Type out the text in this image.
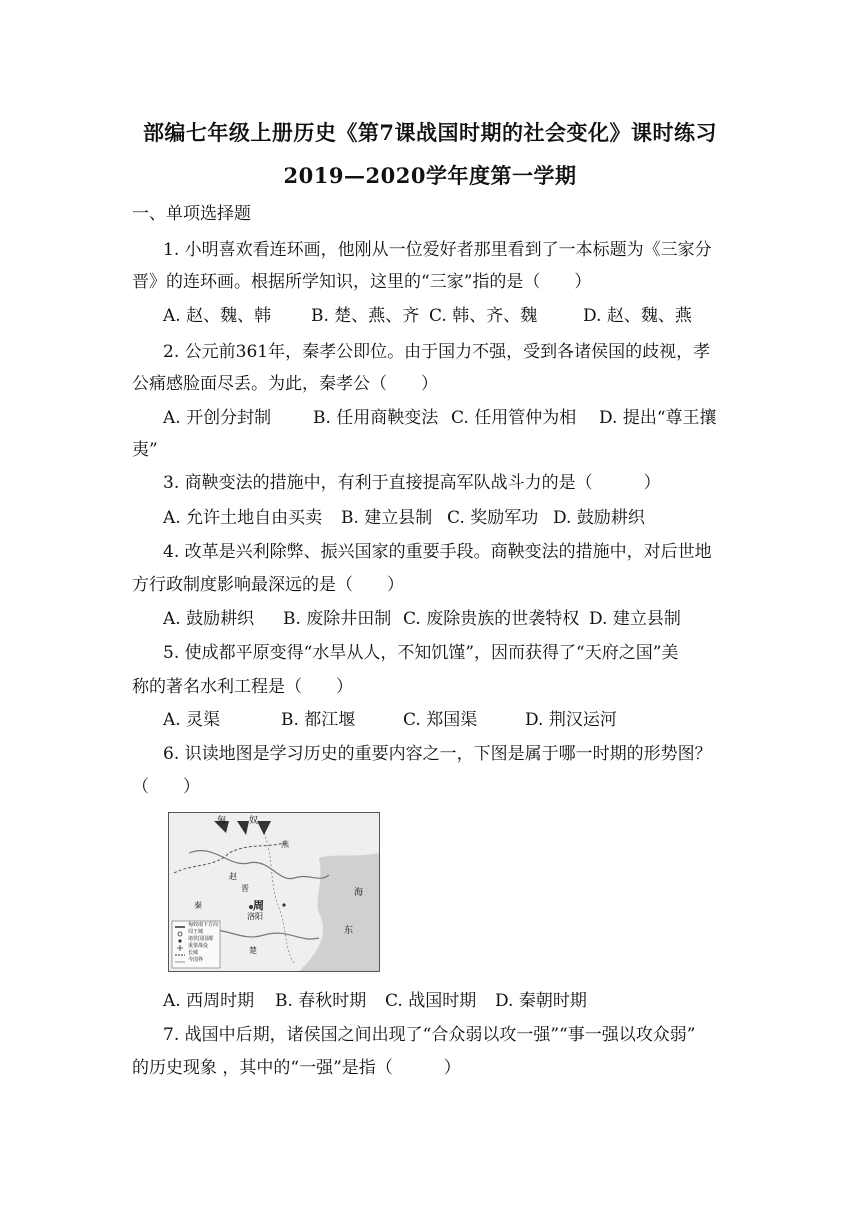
部编七年级上册历史《第7课战国时期的社会变化》课时练习
2019—2020学年度第一学期
一、单项选择题
1. 小明喜欢看连环画，他刚从一位爱好者那里看到了一本标题为《三家分
晋》的连环画。根据所学知识，这里的“三家”指的是（　　）
A. 赵、魏、韩 B. 楚、燕、齐 C. 韩、齐、魏	D. 赵、魏、燕
2. 公元前361年，秦孝公即位。由于国力不强，受到各诸侯国的歧视，孝
公痛感脸面尽丢。为此，秦孝公（　　）
A. 开创分封制 B. 任用商鞅变法 C. 任用管仲为相 D. 提出“尊王攘
夷”
3. 商鞅变法的措施中，有利于直接提高军队战斗力的是（　　　）
A. 允许土地自由买卖 B. 建立县制 C. 奖励军功 D. 鼓励耕织
4. 改革是兴利除弊、振兴国家的重要手段。商鞅变法的措施中，对后世地
方行政制度影响最深远的是（　　）
A. 鼓励耕织 B. 废除井田制 C. 废除贵族的世袭特权 D. 建立县制
5. 使成都平原变得“水旱从人，不知饥馑”，因而获得了“天府之国”美
称的著名水利工程是（　　）
A. 灵渠	B. 都江堰	C. 郑国渠	D. 荆汉运河
6. 识读地图是学习历史的重要内容之一，下图是属于哪一时期的形势图？
（　　）
匈	奴
燕
赵
晋
秦	周
洛阳
楚
海
东
匈奴南下方向
周王城
诸侯国国都
重要战役
长城
今国界
A. 西周时期 B. 春秋时期 C. 战国时期 D. 秦朝时期
7. 战国中后期，诸侯国之间出现了“合众弱以攻一强”“事一强以攻众弱”
的历史现象 ，其中的“一强”是指（　　　）
